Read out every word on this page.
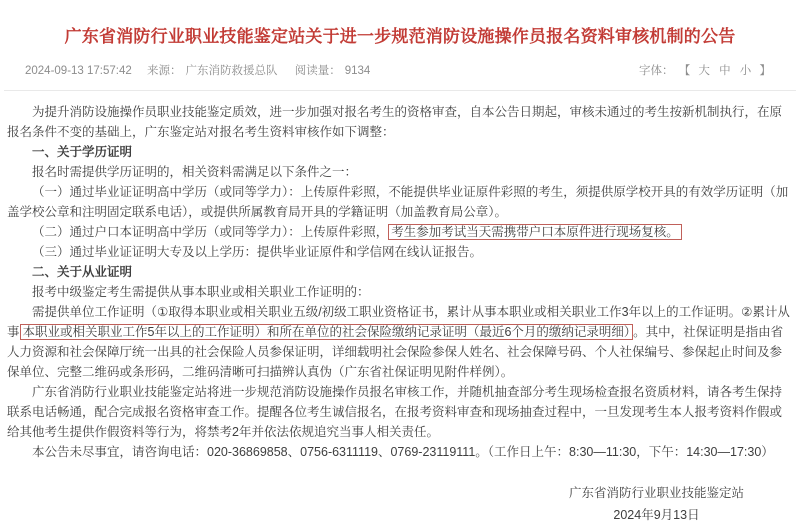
广东省消防行业职业技能鉴定站关于进一步规范消防设施操作员报名资料审核机制的公告
2024-09-13 17:57:42 来源： 广东消防救援总队 阅读量： 9134	字体： 【 大 中 小 】

为提升消防设施操作员职业技能鉴定质效，进一步加强对报名考生的资格审查，自本公告日期起，审核未通过的考生按新机制执行，在原报名条件不变的基础上，广东鉴定站对报名考生资料审核作如下调整：

一、关于学历证明

报名时需提供学历证明的，相关资料需满足以下条件之一：

（一）通过毕业证证明高中学历（或同等学力）：上传原件彩照，不能提供毕业证原件彩照的考生，须提供原学校开具的有效学历证明（加盖学校公章和注明固定联系电话），或提供所属教育局开具的学籍证明（加盖教育局公章）。

（二）通过户口本证明高中学历（或同等学力）：上传原件彩照， 考生参加考试当天需携带户口本原件进行现场复核。

（三）通过毕业证证明大专及以上学历：提供毕业证原件和学信网在线认证报告。

二、关于从业证明

报考中级鉴定考生需提供从事本职业或相关职业工作证明的：

需提供单位工作证明（①取得本职业或相关职业五级/初级工职业资格证书，累计从事本职业或相关职业工作3年以上的工作证明。②累计从事 本职业或相关职业工作5年以上的工作证明）和所在单位的社会保险缴纳记录证明（最近6个月的缴纳记录明细） 。其中，社保证明是指由省人力资源和社会保障厅统一出具的社会保险人员参保证明，详细载明社会保险参保人姓名、社会保障号码、个人社保编号、参保起止时间及参保单位、完整二维码或条形码，二维码清晰可扫描辨认真伪（广东省社保证明见附件样例）。

广东省消防行业职业技能鉴定站将进一步规范消防设施操作员报名审核工作，并随机抽查部分考生现场检查报名资质材料，请各考生保持联系电话畅通，配合完成报名资格审查工作。提醒各位考生诚信报名，在报考资料审查和现场抽查过程中，一旦发现考生本人报考资料作假或给其他考生提供作假资料等行为，将禁考2年并依法依规追究当事人相关责任。

本公告未尽事宜，请咨询电话：020-36869858、0756-6311119、0769-23119111。（工作日上午：8:30—11:30，下午：14:30—17:30）

广东省消防行业职业技能鉴定站
2024年9月13日
